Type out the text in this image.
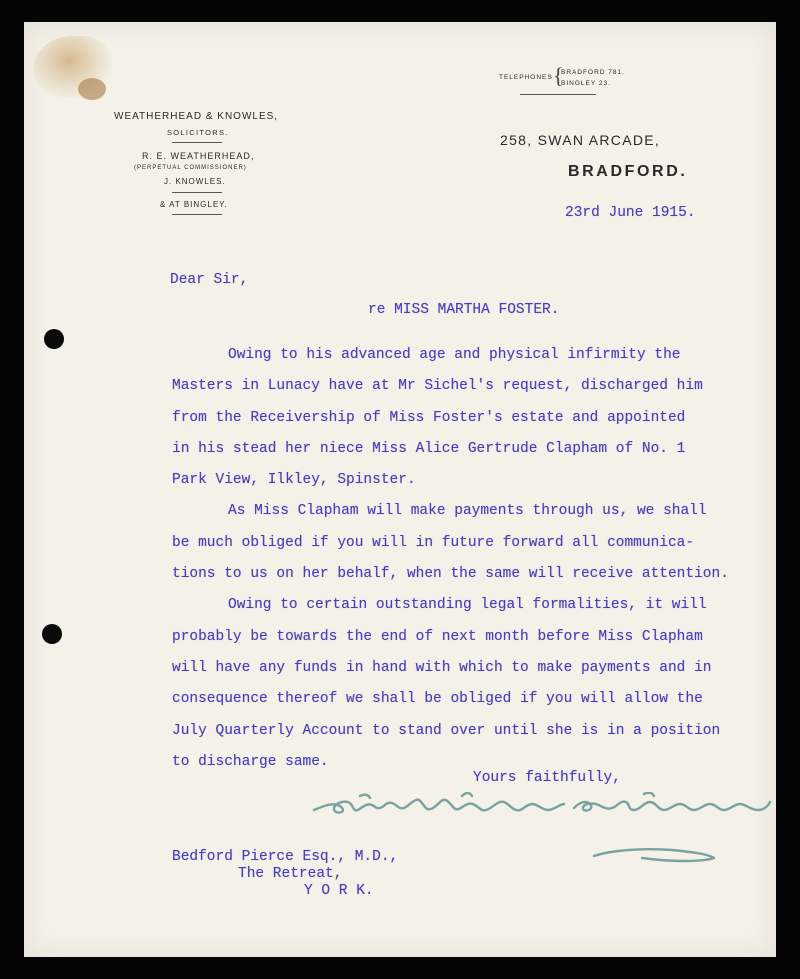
WEATHERHEAD & KNOWLES,
SOLICITORS.
R. E. WEATHERHEAD,
(PERPETUAL COMMISSIONER)
J. KNOWLES.
& AT BINGLEY.
TELEPHONES {
BRADFORD 781.
BINGLEY 23.
258, SWAN ARCADE,
BRADFORD.
23rd June 1915.
Dear Sir,
re MISS MARTHA FOSTER.
Owing to his advanced age and physical infirmity the
Masters in Lunacy have at Mr Sichel's request, discharged him
from the Receivership of Miss Foster's estate and appointed
in his stead her niece Miss Alice Gertrude Clapham of No. 1
Park View, Ilkley, Spinster.
As Miss Clapham will make payments through us, we shall
be much obliged if you will in future forward all communica-
tions to us on her behalf, when the same will receive attention.
Owing to certain outstanding legal formalities, it will
probably be towards the end of next month before Miss Clapham
will have any funds in hand with which to make payments and in
consequence thereof we shall be obliged if you will allow the
July Quarterly Account to stand over until she is in a position
to discharge same.
Yours faithfully,
Weatherhead & Knowles
Bedford Pierce Esq., M.D.,
The Retreat,
Y O R K.
